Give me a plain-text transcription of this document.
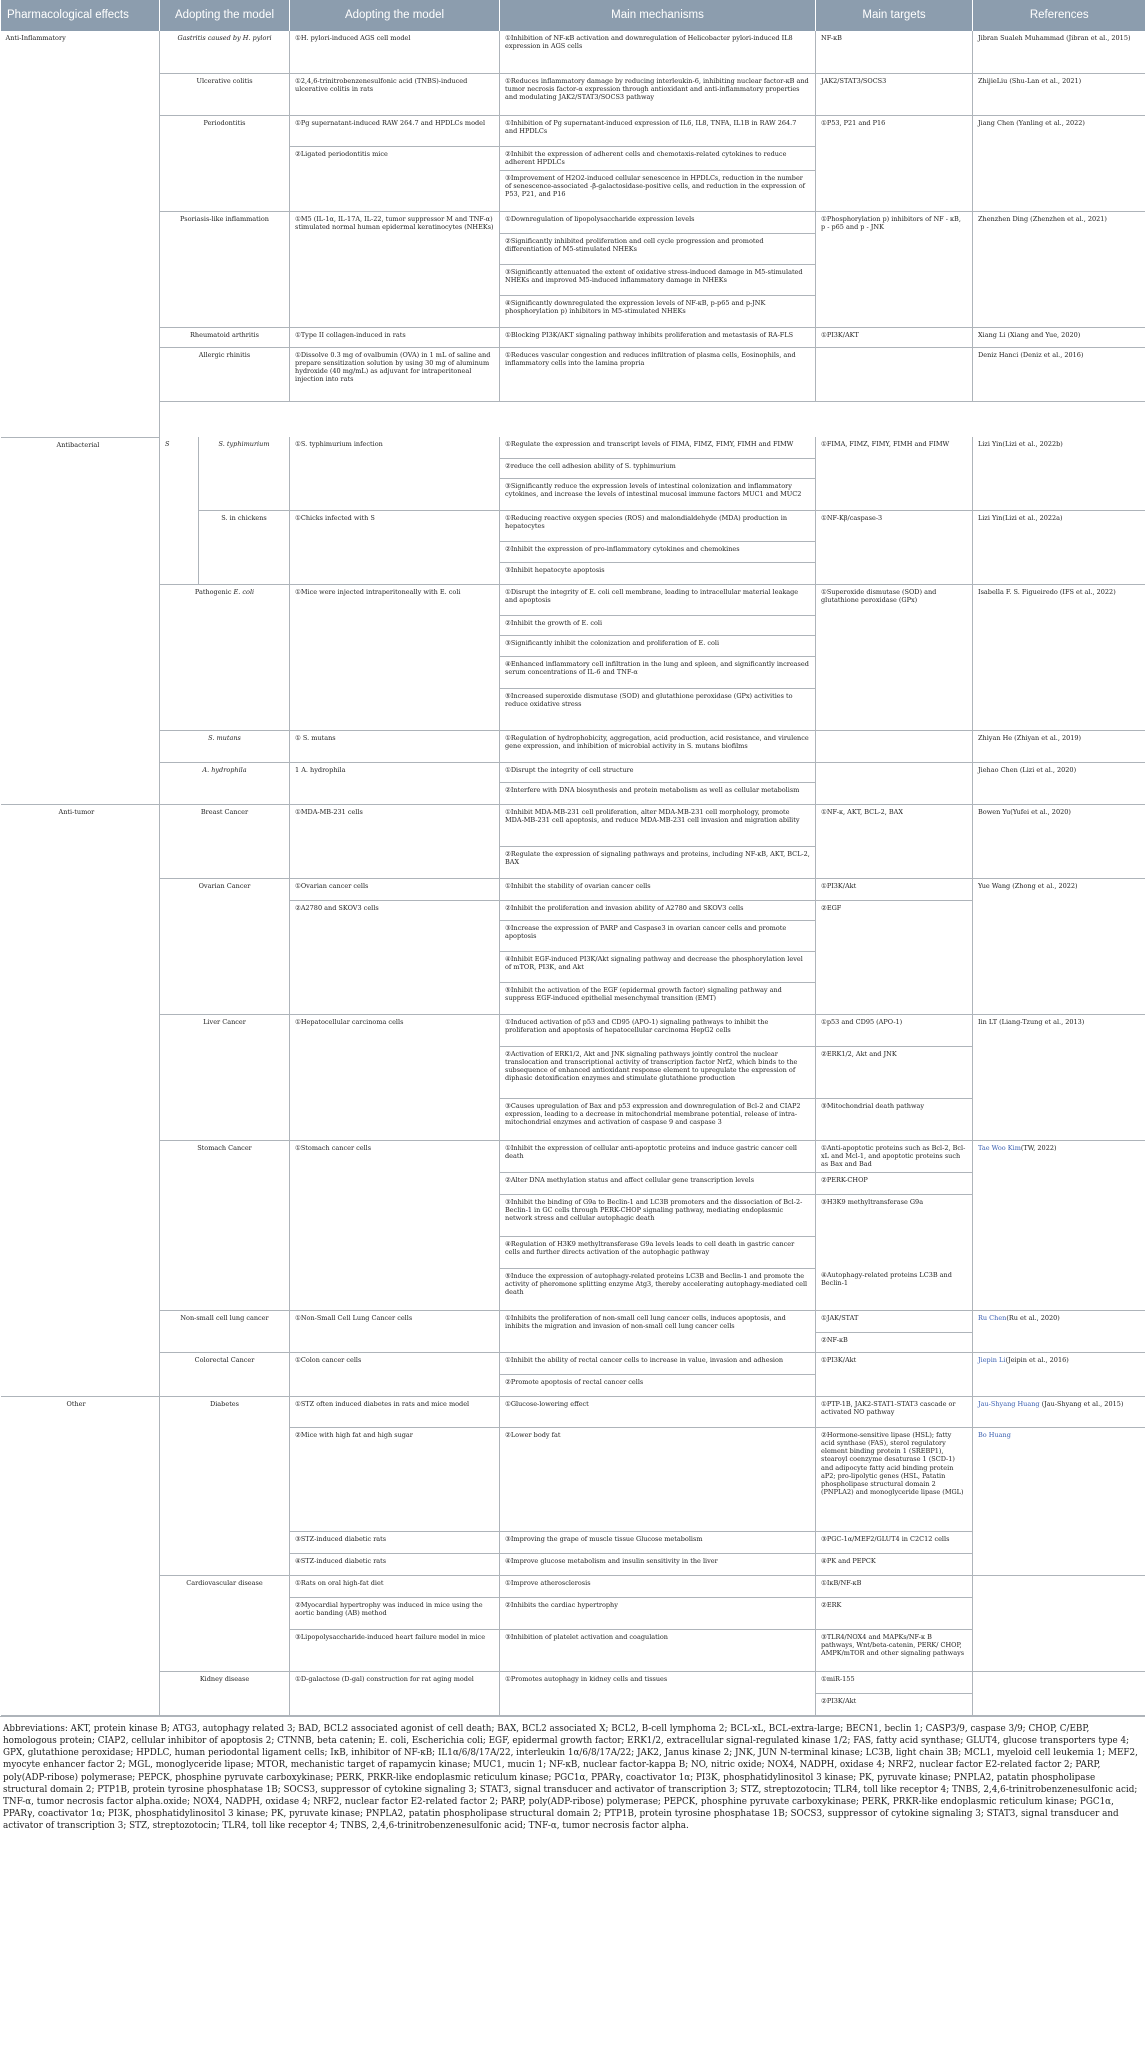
Pharmacological effects	Adopting the model		Adopting the model	Main mechanisms	Main targets	References
Anti-Inflammatory	Gastritis caused by H. pylori		①H. pylori-induced AGS cell model	①Inhibition of NF-κB activation and downregulation of Helicobacter pylori-induced IL8 expression in AGS cells	NF-κB	Jibran Sualeh Muhammad (Jibran et al., 2015)
	Ulcerative colitis		①2,4,6-trinitrobenzenesulfonic acid (TNBS)-induced ulcerative colitis in rats	①Reduces inflammatory damage by reducing interleukin-6, inhibiting nuclear factor-κB and tumor necrosis factor-α expression through antioxidant and anti-inflammatory properties and modulating JAK2/STAT3/SOCS3 pathway	JAK2/STAT3/SOCS3	ZhijieLiu (Shu-Lan et al., 2021)
	Periodontitis		①Pg supernatant-induced RAW 264.7 and HPDLCs model	①Inhibition of Pg supernatant-induced expression of IL6, IL8, TNFA, IL1B in RAW 264.7 and HPDLCs	①P53, P21 and P16	Jiang Chen (Yanling et al., 2022)
			②Ligated periodontitis mice	②Inhibit the expression of adherent cells and chemotaxis-related cytokines to reduce adherent HPDLCs		
				③Improvement of H2O2-induced cellular senescence in HPDLCs, reduction in the number of senescence-associated -β-galactosidase-positive cells, and reduction in the expression of P53, P21, and P16		
	Psoriasis-like inflammation		①M5 (IL-1α, IL-17A, IL-22, tumor suppressor M and TNF-α) stimulated normal human epidermal keratinocytes (NHEKs)	①Downregulation of lipopolysaccharide expression levels	①Phosphorylation p) inhibitors of NF - κB, p - p65 and p - JNK	Zhenzhen Ding (Zhenzhen et al., 2021)
				②Significantly inhibited proliferation and cell cycle progression and promoted differentiation of M5-stimulated NHEKs		
				③Significantly attenuated the extent of oxidative stress-induced damage in M5-stimulated NHEKs and improved M5-induced inflammatory damage in NHEKs		
				④Significantly downregulated the expression levels of NF-κB, p-p65 and p-JNK phosphorylation p) inhibitors in M5-stimulated NHEKs		
	Rheumatoid arthritis		①Type II collagen-induced in rats	①Blocking PI3K/AKT signaling pathway inhibits proliferation and metastasis of RA-FLS	①PI3K/AKT	Xiang Li (Xiang and Yue, 2020)
	Allergic rhinitis		①Dissolve 0.3 mg of ovalbumin (OVA) in 1 mL of saline and prepare sensitization solution by using 30 mg of aluminum hydroxide (40 mg/mL) as adjuvant for intraperitoneal injection into rats	①Reduces vascular congestion and reduces infiltration of plasma cells, Eosinophils, and inflammatory cells into the lamina propria		Deniz Hanci (Deniz et al., 2016)

Antibacterial	S	S. typhimurium	①S. typhimurium infection	①Regulate the expression and transcript levels of FIMA, FIMZ, FIMY, FIMH and FIMW	①FIMA, FIMZ, FIMY, FIMH and FIMW	Lizi Yin(Lizi et al., 2022b)
				②reduce the cell adhesion ability of S. typhimurium		
				③Significantly reduce the expression levels of intestinal colonization and inflammatory cytokines, and increase the levels of intestinal mucosal immune factors MUC1 and MUC2		
		S. in chickens	①Chicks infected with S	①Reducing reactive oxygen species (ROS) and malondialdehyde (MDA) production in hepatocytes	①NF-Kβ/caspase-3	Lizi Yin(Lizi et al., 2022a)
				②Inhibit the expression of pro-inflammatory cytokines and chemokines		
				③Inhibit hepatocyte apoptosis		
	Pathogenic E. coli		①Mice were injected intraperitoneally with E. coli	①Disrupt the integrity of E. coli cell membrane, leading to intracellular material leakage and apoptosis	①Superoxide dismutase (SOD) and glutathione peroxidase (GPx)	Isabella F. S. Figueiredo (IFS et al., 2022)
				②Inhibit the growth of E. coli		
				③Significantly inhibit the colonization and proliferation of E. coli		
				④Enhanced inflammatory cell infiltration in the lung and spleen, and significantly increased serum concentrations of IL-6 and TNF-α		
				⑤Increased superoxide dismutase (SOD) and glutathione peroxidase (GPx) activities to reduce oxidative stress		
	S. mutans		① S. mutans	①Regulation of hydrophobicity, aggregation, acid production, acid resistance, and virulence gene expression, and inhibition of microbial activity in S. mutans biofilms		Zhiyan He (Zhiyan et al., 2019)
	A. hydrophila		1 A. hydrophila	①Disrupt the integrity of cell structure		Jiehao Chen (Lizi et al., 2020)
				②Interfere with DNA biosynthesis and protein metabolism as well as cellular metabolism		
Anti-tumor	Breast Cancer		①MDA-MB-231 cells	①Inhibit MDA-MB-231 cell proliferation, alter MDA-MB-231 cell morphology, promote MDA-MB-231 cell apoptosis, and reduce MDA-MB-231 cell invasion and migration ability	①NF-κ, AKT, BCL-2, BAX	Bowen Yu(Yufei et al., 2020)
				②Regulate the expression of signaling pathways and proteins, including NF-κB, AKT, BCL-2, BAX		
	Ovarian Cancer		①Ovarian cancer cells	①Inhibit the stability of ovarian cancer cells	①PI3K/Akt	Yue Wang (Zhong et al., 2022)
			②A2780 and SKOV3 cells	②Inhibit the proliferation and invasion ability of A2780 and SKOV3 cells	②EGF	
				③Increase the expression of PARP and Caspase3 in ovarian cancer cells and promote apoptosis		
				④Inhibit EGF-induced PI3K/Akt signaling pathway and decrease the phosphorylation level of mTOR, PI3K, and Akt		
				⑤Inhibit the activation of the EGF (epidermal growth factor) signaling pathway and suppress EGF-induced epithelial mesenchymal transition (EMT)		
	Liver Cancer		①Hepatocellular carcinoma cells	①Induced activation of p53 and CD95 (APO-1) signaling pathways to inhibit the proliferation and apoptosis of hepatocellular carcinoma HepG2 cells	①p53 and CD95 (APO-1)	Iin LT (Liang-Tzung et al., 2013)
				②Activation of ERK1/2, Akt and JNK signaling pathways jointly control the nuclear translocation and transcriptional activity of transcription factor Nrf2, which binds to the subsequence of enhanced antioxidant response element to upregulate the expression of diphasic detoxification enzymes and stimulate glutathione production	②ERK1/2, Akt and JNK	
				③Causes upregulation of Bax and p53 expression and downregulation of Bcl-2 and CIAP2 expression, leading to a decrease in mitochondrial membrane potential, release of intra-mitochondrial enzymes and activation of caspase 9 and caspase 3	③Mitochondrial death pathway	
	Stomach Cancer		①Stomach cancer cells	①Inhibit the expression of cellular anti-apoptotic proteins and induce gastric cancer cell death	①Anti-apoptotic proteins such as Bcl-2, Bcl-xL and Mcl-1, and apoptotic proteins such as Bax and Bad	Tae Woo Kim(TW, 2022)
				②Alter DNA methylation status and affect cellular gene transcription levels	②PERK-CHOP	
				③Inhibit the binding of G9a to Beclin-1 and LC3B promoters and the dissociation of Bcl-2-Beclin-1 in GC cells through PERK-CHOP signaling pathway, mediating endoplasmic network stress and cellular autophagic death	③H3K9 methyltransferase G9a	
				④Regulation of H3K9 methyltransferase G9a levels leads to cell death in gastric cancer cells and further directs activation of the autophagic pathway		
				⑤Induce the expression of autophagy-related proteins LC3B and Beclin-1 and promote the activity of pheromone splitting enzyme Atg3, thereby accelerating autophagy-mediated cell death	④Autophagy-related proteins LC3B and Beclin-1	
	Non-small cell lung cancer		①Non-Small Cell Lung Cancer cells	①Inhibits the proliferation of non-small cell lung cancer cells, induces apoptosis, and inhibits the migration and invasion of non-small cell lung cancer cells	①JAK/STAT	Ru Chen(Ru et al., 2020)
					②NF-κB	
	Colorectal Cancer		①Colon cancer cells	①Inhibit the ability of rectal cancer cells to increase in value, invasion and adhesion	①PI3K/Akt	Jiepin Li(Jeipin et al., 2016)
				②Promote apoptosis of rectal cancer cells		

Other	Diabetes		①STZ often induced diabetes in rats and mice model	①Glucose-lowering effect	①PTP-1B, JAK2-STAT1-STAT3 cascade or activated NO pathway	Jau-Shyang Huang (Jau-Shyang et al., 2015)
			②Mice with high fat and high sugar	②Lower body fat	②Hormone-sensitive lipase (HSL); fatty acid synthase (FAS), sterol regulatory element binding protein 1 (SREBP1), stearoyl coenzyme desaturase 1 (SCD-1) and adipocyte fatty acid binding protein aP2; pro-lipolytic genes (HSL, Patatin phospholipase structural domain 2 (PNPLA2) and monoglyceride lipase (MGL)	Bo Huang
			③STZ-induced diabetic rats	③Improving the grape of muscle tissue Glucose metabolism	③PGC-1α/MEF2/GLUT4 in C2C12 cells	
			④STZ-induced diabetic rats	④Improve glucose metabolism and insulin sensitivity in the liver	④PK and PEPCK	
	Cardiovascular disease		①Rats on oral high-fat diet	①Improve atherosclerosis	①IκB/NF-κB	
			②Myocardial hypertrophy was induced in mice using the aortic banding (AB) method	②Inhibits the cardiac hypertrophy	②ERK	
			③Lipopolysaccharide-induced heart failure model in mice	③Inhibition of platelet activation and coagulation	③TLR4/NOX4 and MAPKs/NF-κ B pathways, Wnt/beta-catenin, PERK/ CHOP, AMPK/mTOR and other signaling pathways	
	Kidney disease		①D-galactose (D-gal) construction for rat aging model	①Promotes autophagy in kidney cells and tissues	①miR-155	
					②PI3K/Akt	
Abbreviations: AKT, protein kinase B; ATG3, autophagy related 3; BAD, BCL2 associated agonist of cell death; BAX, BCL2 associated X; BCL2, B-cell lymphoma 2; BCL-xL, BCL-extra-large; BECN1, beclin 1; CASP3/9, caspase 3/9; CHOP, C/EBP, homologous protein; CIAP2, cellular inhibitor of apoptosis 2; CTNNB, beta catenin; E. coli, Escherichia coli; EGF, epidermal growth factor; ERK1/2, extracellular signal-regulated kinase 1/2; FAS, fatty acid synthase; GLUT4, glucose transporters type 4; GPX, glutathione peroxidase; HPDLC, human periodontal ligament cells; IκB, inhibitor of NF-κB; IL1α/6/8/17A/22, interleukin 1α/6/8/17A/22; JAK2, Janus kinase 2; JNK, JUN N-terminal kinase; LC3B, light chain 3B; MCL1, myeloid cell leukemia 1; MEF2, myocyte enhancer factor 2; MGL, monoglyceride lipase; MTOR, mechanistic target of rapamycin kinase; MUC1, mucin 1; NF-κB, nuclear factor-kappa B; NO, nitric oxide; NOX4, NADPH, oxidase 4; NRF2, nuclear factor E2-related factor 2; PARP, poly(ADP-ribose) polymerase; PEPCK, phosphine pyruvate carboxykinase; PERK, PRKR-like endoplasmic reticulum kinase; PGC1α, PPARγ, coactivator 1α; PI3K, phosphatidylinositol 3 kinase; PK, pyruvate kinase; PNPLA2, patatin phospholipase structural domain 2; PTP1B, protein tyrosine phosphatase 1B; SOCS3, suppressor of cytokine signaling 3; STAT3, signal transducer and activator of transcription 3; STZ, streptozotocin; TLR4, toll like receptor 4; TNBS, 2,4,6-trinitrobenzenesulfonic acid; TNF-α, tumor necrosis factor alpha.oxide; NOX4, NADPH, oxidase 4; NRF2, nuclear factor E2-related factor 2; PARP, poly(ADP-ribose) polymerase; PEPCK, phosphine pyruvate carboxykinase; PERK, PRKR-like endoplasmic reticulum kinase; PGC1α, PPARγ, coactivator 1α; PI3K, phosphatidylinositol 3 kinase; PK, pyruvate kinase; PNPLA2, patatin phospholipase structural domain 2; PTP1B, protein tyrosine phosphatase 1B; SOCS3, suppressor of cytokine signaling 3; STAT3, signal transducer and activator of transcription 3; STZ, streptozotocin; TLR4, toll like receptor 4; TNBS, 2,4,6-trinitrobenzenesulfonic acid; TNF-α, tumor necrosis factor alpha.
